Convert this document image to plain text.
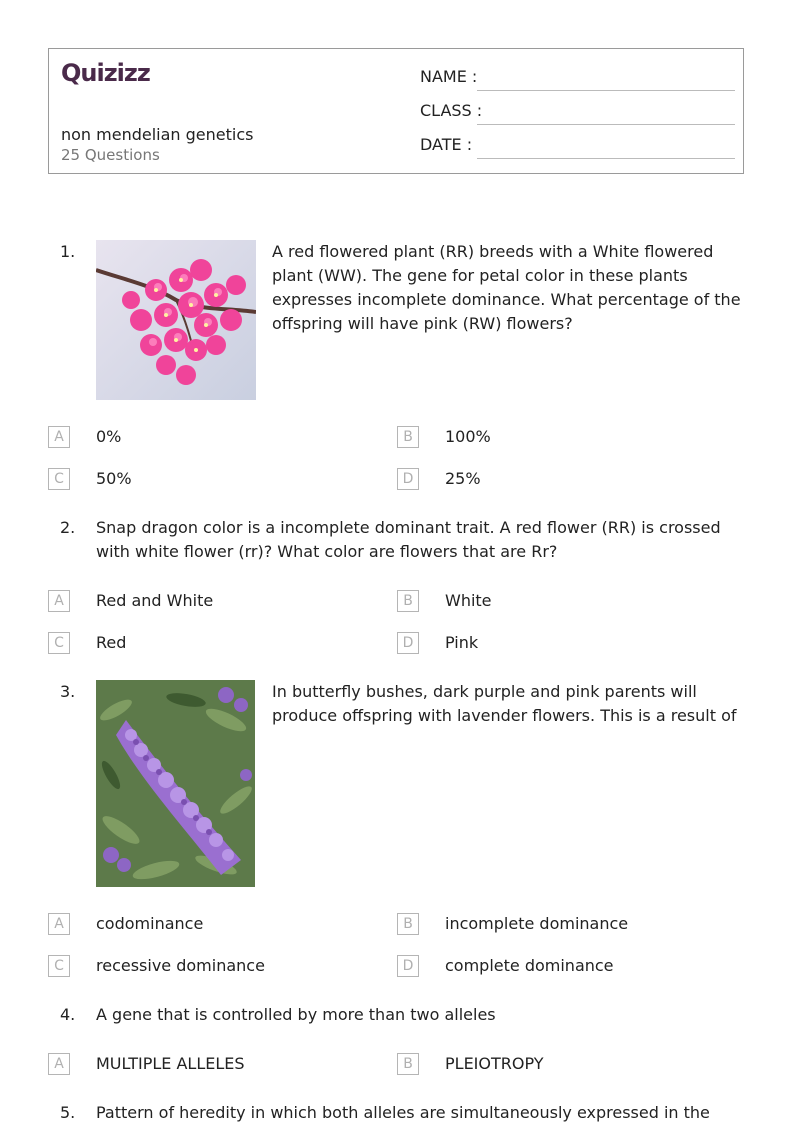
Quizizz
non mendelian genetics
25 Questions
NAME :
CLASS :
DATE :
1.	A red flowered plant (RR) breeds with a White flowered plant (WW). The gene for petal color in these plants expresses incomplete dominance. What percentage of the offspring will have pink (RW) flowers?
A	0%	B	100%
C	50%	D	25%
2. Snap dragon color is a incomplete dominant trait. A red flower (RR) is crossed with white flower (rr)? What color are flowers that are Rr?
A	Red and White	B	White
C	Red	D	Pink
3.	In butterfly bushes, dark purple and pink parents will produce offspring with lavender flowers. This is a result of
A	codominance	B	incomplete dominance
C	recessive dominance	D	complete dominance
4. A gene that is controlled by more than two alleles
A	MULTIPLE ALLELES	B	PLEIOTROPY
5. Pattern of heredity in which both alleles are simultaneously expressed in the
